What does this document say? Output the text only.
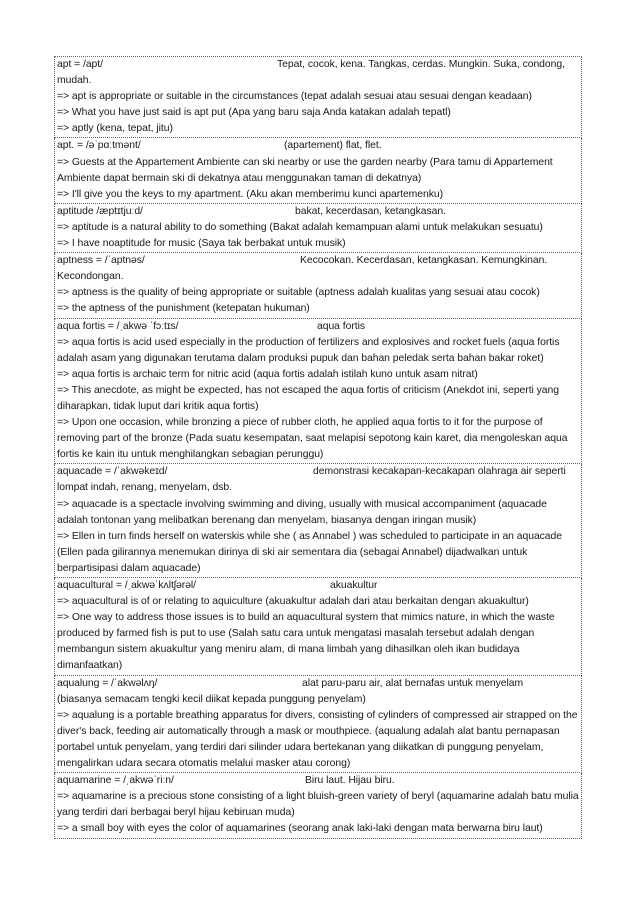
apt = /apt/	Tepat, cocok, kena. Tangkas, cerdas. Mungkin. Suka, condong,
mudah.
=> apt is appropriate or suitable in the circumstances (tepat adalah sesuai atau sesuai dengan keadaan)
=> What you have just said is apt put (Apa yang baru saja Anda katakan adalah tepatl)
=> aptly (kena, tepat, jitu)
apt. = /əˈpɑːtmənt/	(apartement) flat, flet.
=> Guests at the Appartement Ambiente can ski nearby or use the garden nearby (Para tamu di Appartement Ambiente dapat bermain ski di dekatnya atau menggunakan taman di dekatnya)
=> I'll give you the keys to my apartment. (Aku akan memberimu kunci apartemenku)
aptitude /æptɪtjuːd/	bakat, kecerdasan, ketangkasan.
=> aptitude is a natural ability to do something (Bakat adalah kemampuan alami untuk melakukan sesuatu)
=> I have noaptitude for music (Saya tak berbakat untuk musik)
aptness = /ˈaptnəs/	Kecocokan. Kecerdasan, ketangkasan. Kemungkinan.
Kecondongan.
=> aptness is the quality of being appropriate or suitable (aptness adalah kualitas yang sesuai atau cocok)
=> the aptness of the punishment (ketepatan hukuman)
aqua fortis = /ˌakwə ˈfɔːtɪs/	aqua fortis
=> aqua fortis is acid used especially in the production of fertilizers and explosives and rocket fuels (aqua fortis adalah asam yang digunakan terutama dalam produksi pupuk dan bahan peledak serta bahan bakar roket)
=> aqua fortis is archaic term for nitric acid (aqua fortis adalah istilah kuno untuk asam nitrat)
=> This anecdote, as might be expected, has not escaped the aqua fortis of criticism (Anekdot ini, seperti yang diharapkan, tidak luput dari kritik aqua fortis)
=> Upon one occasion, while bronzing a piece of rubber cloth, he applied aqua fortis to it for the purpose of removing part of the bronze (Pada suatu kesempatan, saat melapisi sepotong kain karet, dia mengoleskan aqua fortis ke kain itu untuk menghilangkan sebagian perunggu)
aquacade = /ˈakwəkeɪd/	demonstrasi kecakapan-kecakapan olahraga air seperti
lompat indah, renang, menyelam, dsb.
=> aquacade is a spectacle involving swimming and diving, usually with musical accompaniment (aquacade adalah tontonan yang melibatkan berenang dan menyelam, biasanya dengan iringan musik)
=> Ellen in turn finds herself on waterskis while she ( as Annabel ) was scheduled to participate in an aquacade (Ellen pada gilirannya menemukan dirinya di ski air sementara dia (sebagai Annabel) dijadwalkan untuk berpartisipasi dalam aquacade)
aquacultural = /ˌakwəˈkʌltʃərəl/	akuakultur
=> aquacultural is of or relating to aquiculture (akuakultur adalah dari atau berkaitan dengan akuakultur)
=> One way to address those issues is to build an aquacultural system that mimics nature, in which the waste produced by farmed fish is put to use (Salah satu cara untuk mengatasi masalah tersebut adalah dengan membangun sistem akuakultur yang meniru alam, di mana limbah yang dihasilkan oleh ikan budidaya dimanfaatkan)
aqualung = /ˈakwəlʌŋ/	alat paru-paru air, alat bernafas untuk menyelam
(biasanya semacam tengki kecil diikat kepada punggung penyelam)
=> aqualung is a portable breathing apparatus for divers, consisting of cylinders of compressed air strapped on the diver's back, feeding air automatically through a mask or mouthpiece. (aqualung adalah alat bantu pernapasan portabel untuk penyelam, yang terdiri dari silinder udara bertekanan yang diikatkan di punggung penyelam, mengalirkan udara secara otomatis melalui masker atau corong)
aquamarine = /ˌakwəˈriːn/	Biru laut. Hijau biru.
=> aquamarine is a precious stone consisting of a light bluish-green variety of beryl (aquamarine adalah batu mulia yang terdiri dari berbagai beryl hijau kebiruan muda)
=> a small boy with eyes the color of aquamarines (seorang anak laki-laki dengan mata berwarna biru laut)
